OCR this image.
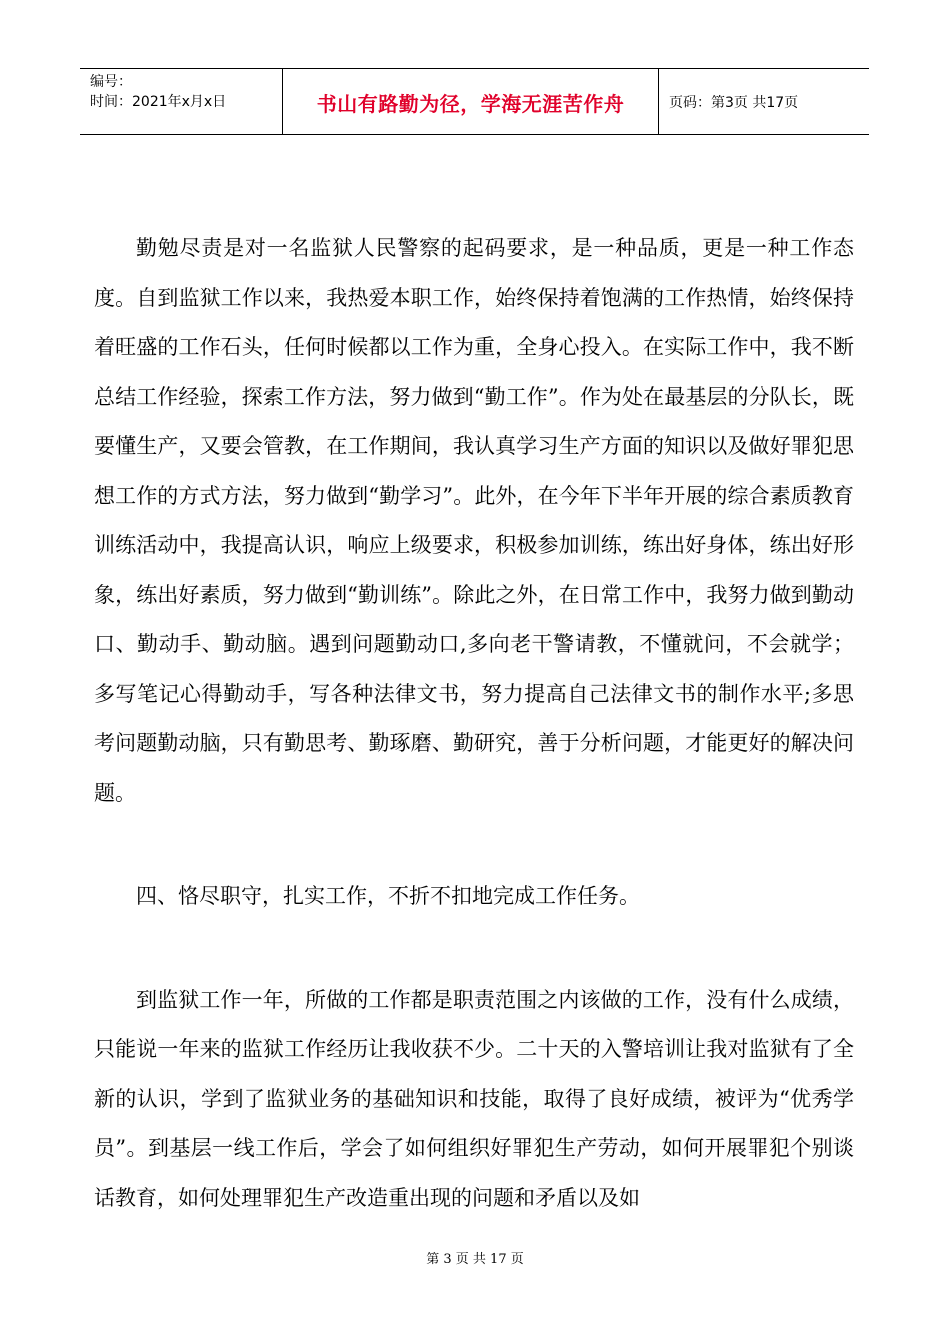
编号：
时间：2021年x月x日	书山有路勤为径，学海无涯苦作舟	页码：第3页 共17页

勤勉尽责是对一名监狱人民警察的起码要求，是一种品质，更是一种工作态度。自到监狱工作以来，我热爱本职工作，始终保持着饱满的工作热情，始终保持着旺盛的工作石头，任何时候都以工作为重，全身心投入。在实际工作中，我不断总结工作经验，探索工作方法，努力做到“勤工作”。作为处在最基层的分队长，既要懂生产，又要会管教，在工作期间，我认真学习生产方面的知识以及做好罪犯思想工作的方式方法，努力做到“勤学习”。此外，在今年下半年开展的综合素质教育训练活动中，我提高认识，响应上级要求，积极参加训练，练出好身体，练出好形象，练出好素质，努力做到“勤训练”。除此之外，在日常工作中，我努力做到勤动口、勤动手、勤动脑。遇到问题勤动口,多向老干警请教，不懂就问，不会就学；多写笔记心得勤动手，写各种法律文书，努力提高自己法律文书的制作水平;多思考问题勤动脑，只有勤思考、勤琢磨、勤研究，善于分析问题，才能更好的解决问题。

四、恪尽职守，扎实工作，不折不扣地完成工作任务。

到监狱工作一年，所做的工作都是职责范围之内该做的工作，没有什么成绩，只能说一年来的监狱工作经历让我收获不少。二十天的入警培训让我对监狱有了全新的认识，学到了监狱业务的基础知识和技能，取得了良好成绩，被评为“优秀学员”。到基层一线工作后，学会了如何组织好罪犯生产劳动，如何开展罪犯个别谈话教育，如何处理罪犯生产改造重出现的问题和矛盾以及如

第 3 页 共 17 页
